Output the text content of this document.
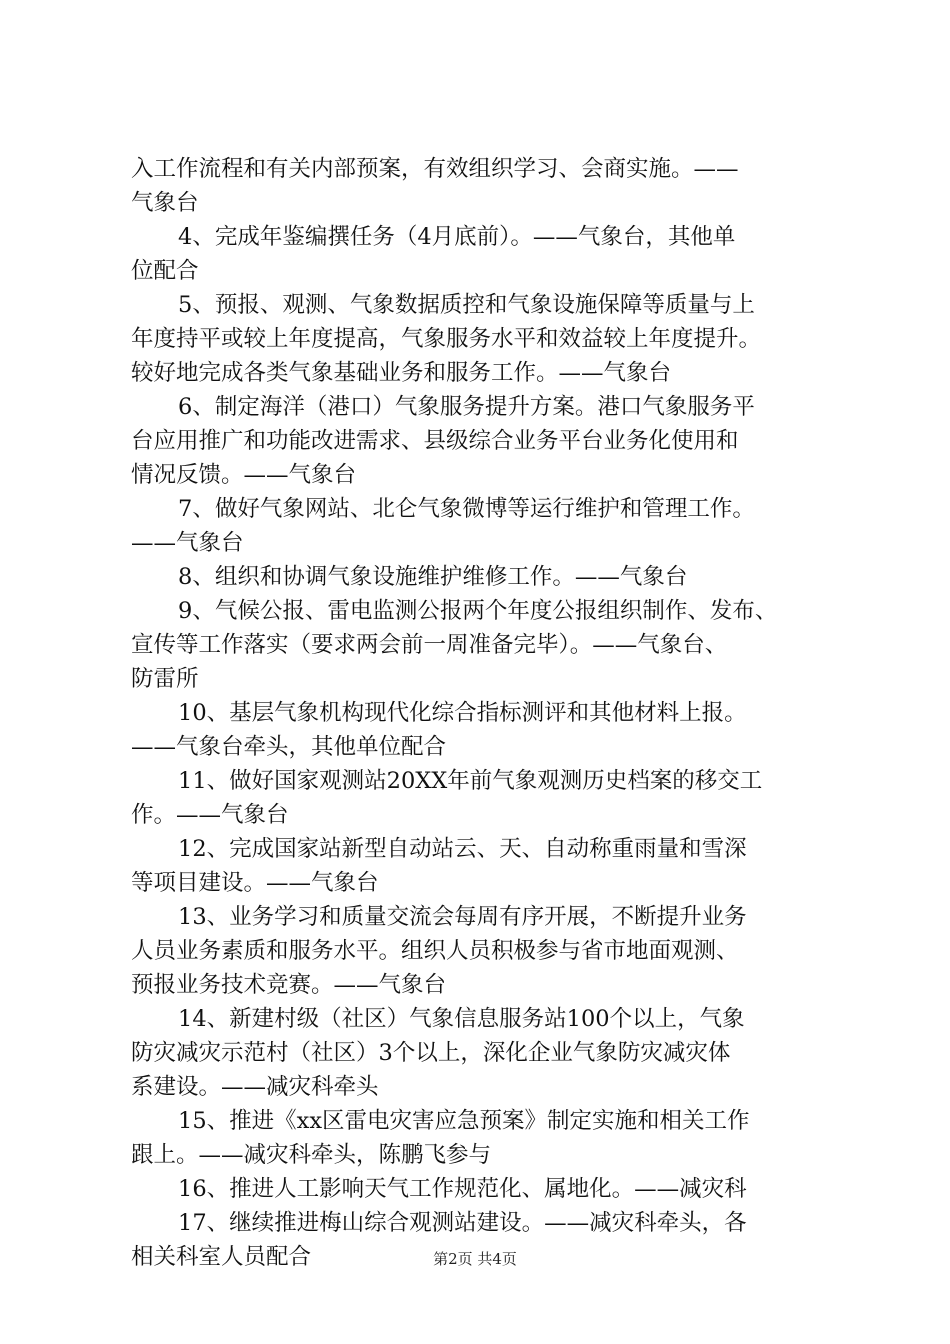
入工作流程和有关内部预案，有效组织学习、会商实施。——
气象台
4、完成年鉴编撰任务（4月底前）。——气象台，其他单
位配合
5、预报、观测、气象数据质控和气象设施保障等质量与上
年度持平或较上年度提高，气象服务水平和效益较上年度提升。
较好地完成各类气象基础业务和服务工作。——气象台
6、制定海洋（港口）气象服务提升方案。港口气象服务平
台应用推广和功能改进需求、县级综合业务平台业务化使用和
情况反馈。——气象台
7、做好气象网站、北仑气象微博等运行维护和管理工作。
——气象台
8、组织和协调气象设施维护维修工作。——气象台
9、气候公报、雷电监测公报两个年度公报组织制作、发布、
宣传等工作落实（要求两会前一周准备完毕）。——气象台、
防雷所
10、基层气象机构现代化综合指标测评和其他材料上报。
——气象台牵头，其他单位配合
11、做好国家观测站20XX年前气象观测历史档案的移交工
作。——气象台
12、完成国家站新型自动站云、天、自动称重雨量和雪深
等项目建设。——气象台
13、业务学习和质量交流会每周有序开展，不断提升业务
人员业务素质和服务水平。组织人员积极参与省市地面观测、
预报业务技术竞赛。——气象台
14、新建村级（社区）气象信息服务站100个以上，气象
防灾减灾示范村（社区）3个以上，深化企业气象防灾减灾体
系建设。——减灾科牵头
15、推进《xx区雷电灾害应急预案》制定实施和相关工作
跟上。——减灾科牵头，陈鹏飞参与
16、推进人工影响天气工作规范化、属地化。——减灾科
17、继续推进梅山综合观测站建设。——减灾科牵头，各
相关科室人员配合	第2页 共4页
